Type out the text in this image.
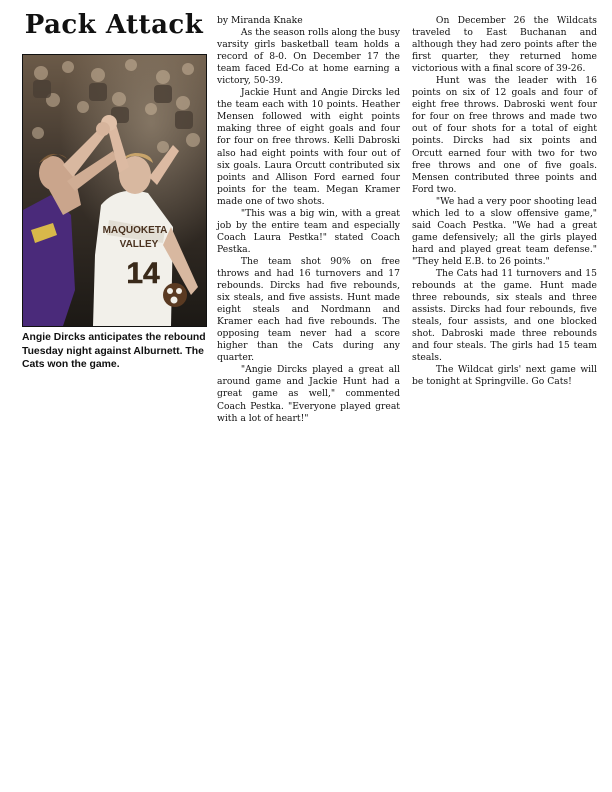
Pack Attack
MAQUOKETA
VALLEY
14
Angie Dircks anticipates the rebound Tuesday night against Alburnett. The Cats won the game.

by Miranda Knake

As the season rolls along the busy varsity girls basketball team holds a record of 8-0. On December 17 the team faced Ed-Co at home earning a victory, 50-39.

Jackie Hunt and Angie Dircks led the team each with 10 points. Heather Mensen followed with eight points making three of eight goals and four for four on free throws. Kelli Dabroski also had eight points with four out of six goals. Laura Orcutt contributed six points and Allison Ford earned four points for the team. Megan Kramer made one of two shots.

"This was a big win, with a great job by the entire team and especially Coach Laura Pestka!" stated Coach Pestka.

The team shot 90% on free throws and had 16 turnovers and 17 rebounds. Dircks had five rebounds, six steals, and five assists. Hunt made eight steals and Nordmann and Kramer each had five rebounds. The opposing team never had a score higher than the Cats during any quarter.

"Angie Dircks played a great all around game and Jackie Hunt had a great game as well," commented Coach Pestka. "Everyone played great with a lot of heart!"

On December 26 the Wildcats traveled to East Buchanan and although they had zero points after the first quarter, they returned home victorious with a final score of 39-26.

Hunt was the leader with 16 points on six of 12 goals and four of eight free throws. Dabroski went four for four on free throws and made two out of four shots for a total of eight points. Dircks had six points and Orcutt earned four with two for two free throws and one of five goals. Mensen contributed three points and Ford two.

"We had a very poor shooting lead which led to a slow offensive game," said Coach Pestka. "We had a great game defensively; all the girls played hard and played great team defense." "They held E.B. to 26 points."

The Cats had 11 turnovers and 15 rebounds at the game. Hunt made three rebounds, six steals and three assists. Dircks had four rebounds, five steals, four assists, and one blocked shot. Dabroski made three rebounds and four steals. The girls had 15 team steals.

The Wildcat girls' next game will be tonight at Springville. Go Cats!
